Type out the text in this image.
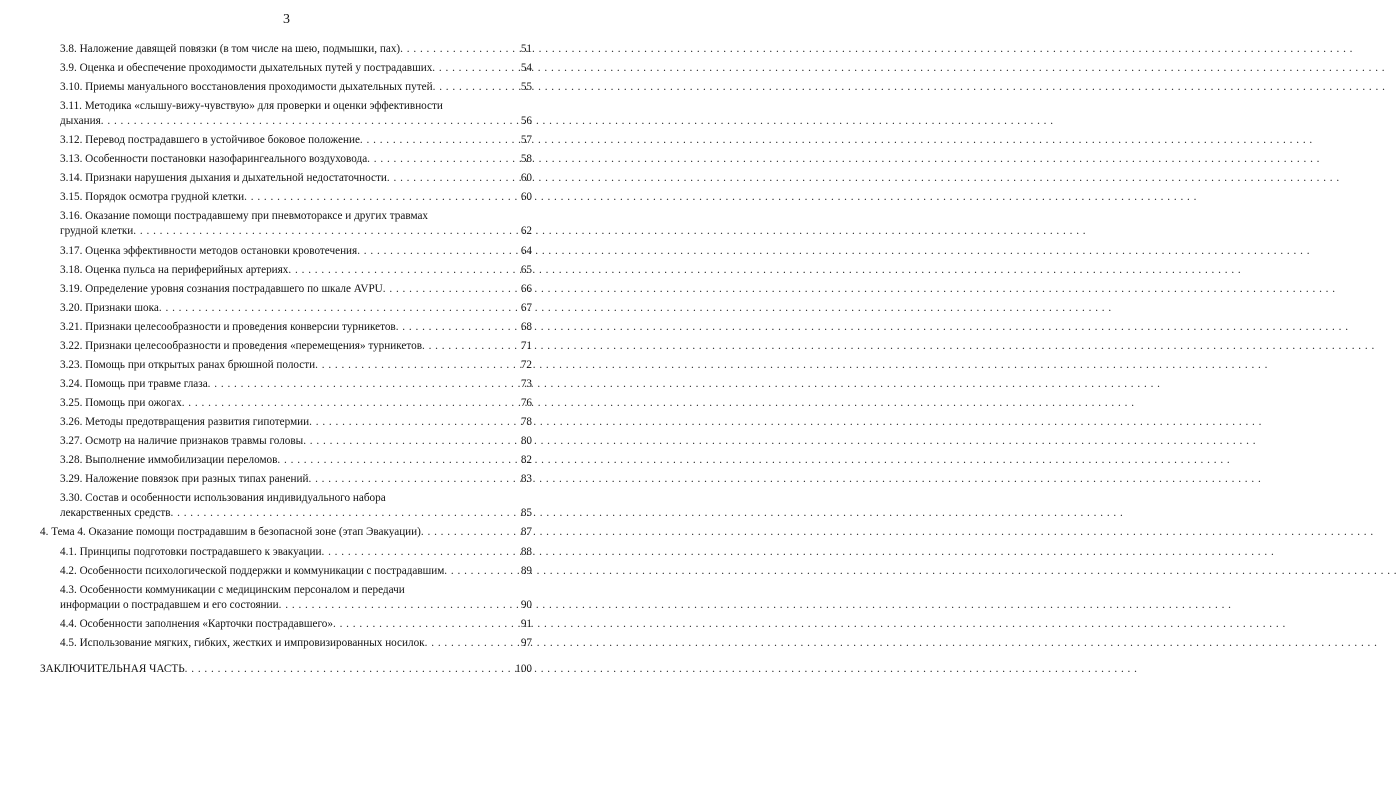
3
3.8. Наложение давящей повязки (в том числе на шею, подмышки, пах) . . .	51
3.9. Оценка и обеспечение проходимости дыхательных путей у пострадавших . . .	54
3.10. Приемы мануального восстановления проходимости дыхательных путей . . .	55
3.11. Методика «слышу-вижу-чувствую» для проверки и оценки эффективности
дыхания . . .	56
3.12. Перевод пострадавшего в устойчивое боковое положение . . .	57
3.13. Особенности постановки назофарингеального воздуховода . . .	58
3.14. Признаки нарушения дыхания и дыхательной недостаточности . . .	60
3.15. Порядок осмотра грудной клетки . . .	60
3.16. Оказание помощи пострадавшему при пневмотораксе и других травмах
грудной клетки . . .	62
3.17. Оценка эффективности методов остановки кровотечения . . .	64
3.18. Оценка пульса на периферийных артериях . . .	65
3.19. Определение уровня сознания пострадавшего по шкале AVPU . . .	66
3.20. Признаки шока . . .	67
3.21. Признаки целесообразности и проведения конверсии турникетов . . .	68
3.22. Признаки целесообразности и проведения «перемещения» турникетов . . .	71
3.23. Помощь при открытых ранах брюшной полости . . .	72
3.24. Помощь при травме глаза . . .	73
3.25. Помощь при ожогах . . .	76
3.26. Методы предотвращения развития гипотермии . . .	78
3.27. Осмотр на наличие признаков травмы головы . . .	80
3.28. Выполнение иммобилизации переломов . . .	82
3.29. Наложение повязок при разных типах ранений . . .	83
3.30. Состав и особенности использования индивидуального набора
лекарственных средств . . .	85
4. Тема 4. Оказание помощи пострадавшим в безопасной зоне (этап Эвакуации) . . .	87
4.1. Принципы подготовки пострадавшего к эвакуации . . .	88
4.2. Особенности психологической поддержки и коммуникации с пострадавшим . . .	89
4.3. Особенности коммуникации с медицинским персоналом и передачи
информации о пострадавшем и его состоянии . . .	90
4.4. Особенности заполнения «Карточки пострадавшего» . . .	91
4.5. Использование мягких, гибких, жестких и импровизированных носилок . . .	97
ЗАКЛЮЧИТЕЛЬНАЯ ЧАСТЬ . . .	100
